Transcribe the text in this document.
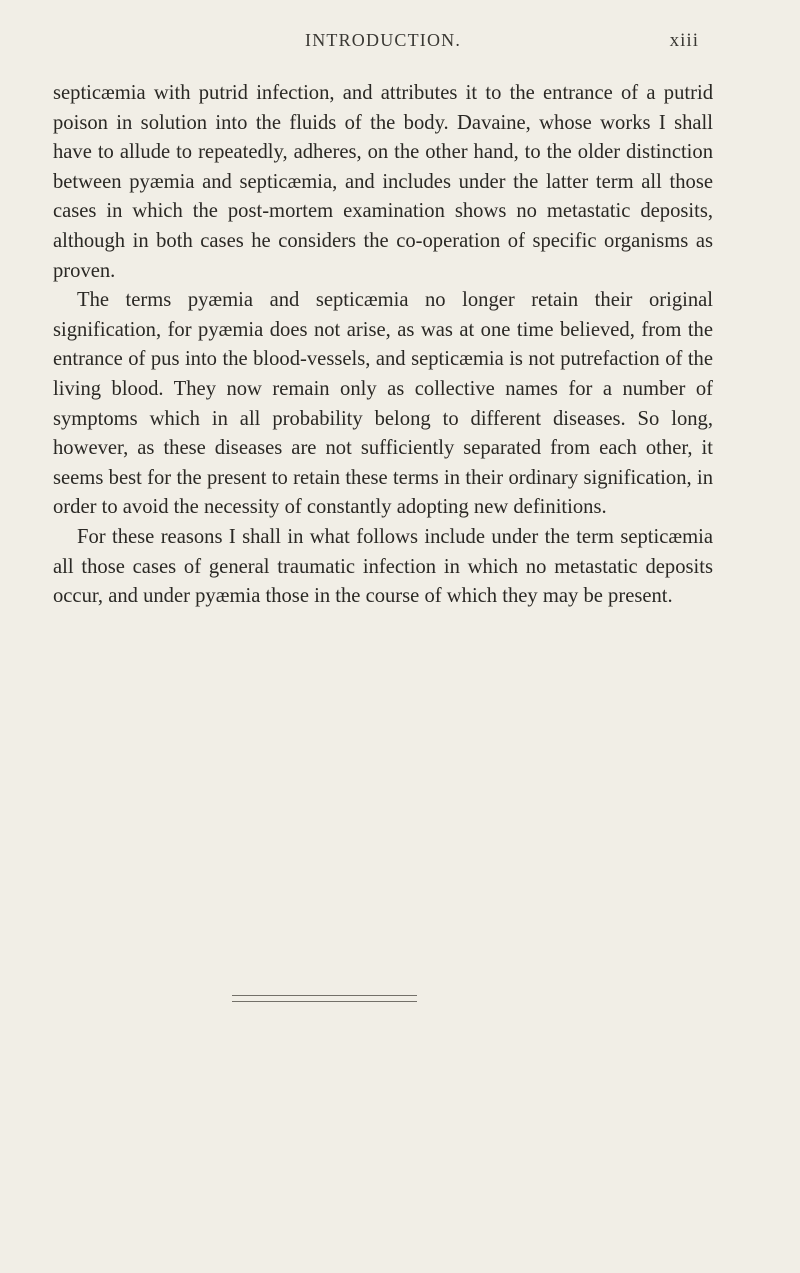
INTRODUCTION.	xiii

septicæmia with putrid infection, and attributes it to the entrance of a putrid poison in solution into the fluids of the body. Davaine, whose works I shall have to allude to repeatedly, adheres, on the other hand, to the older distinction between pyæmia and septicæmia, and includes under the latter term all those cases in which the post-mortem examination shows no metastatic deposits, although in both cases he considers the co-operation of specific organisms as proven.

The terms pyæmia and septicæmia no longer retain their original signification, for pyæmia does not arise, as was at one time believed, from the entrance of pus into the blood-vessels, and septicæmia is not putrefaction of the living blood. They now remain only as collective names for a number of symptoms which in all probability belong to different diseases. So long, however, as these diseases are not sufficiently separated from each other, it seems best for the present to retain these terms in their ordinary signification, in order to avoid the necessity of constantly adopting new definitions.

For these reasons I shall in what follows include under the term septicæmia all those cases of general traumatic infection in which no metastatic deposits occur, and under pyæmia those in the course of which they may be present.
